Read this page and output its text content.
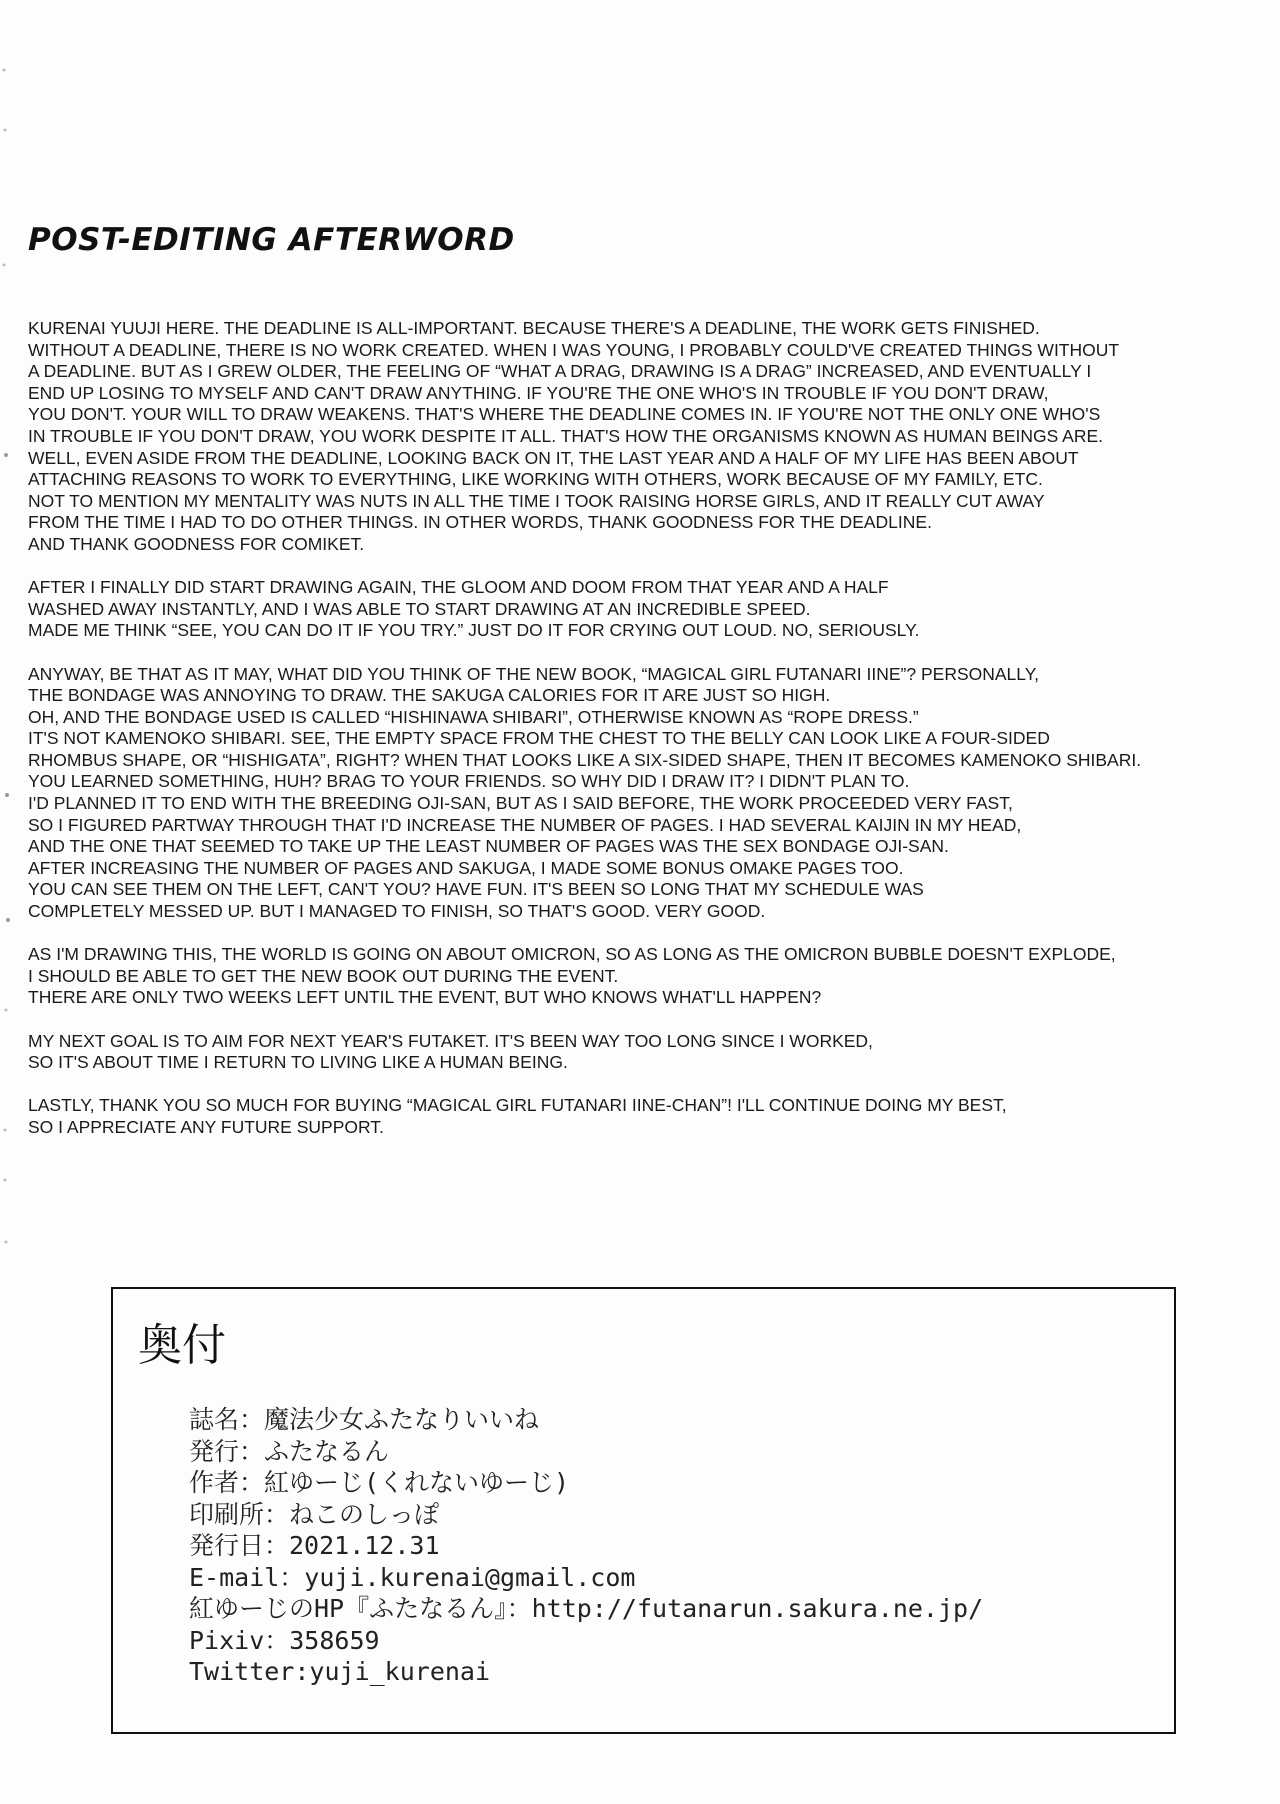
POST-EDITING AFTERWORD
KURENAI YUUJI HERE. THE DEADLINE IS ALL-IMPORTANT. BECAUSE THERE'S A DEADLINE, THE WORK GETS FINISHED.
WITHOUT A DEADLINE, THERE IS NO WORK CREATED. WHEN I WAS YOUNG, I PROBABLY COULD'VE CREATED THINGS WITHOUT
A DEADLINE. BUT AS I GREW OLDER, THE FEELING OF “WHAT A DRAG, DRAWING IS A DRAG” INCREASED, AND EVENTUALLY I
END UP LOSING TO MYSELF AND CAN'T DRAW ANYTHING. IF YOU'RE THE ONE WHO'S IN TROUBLE IF YOU DON'T DRAW,
YOU DON'T. YOUR WILL TO DRAW WEAKENS. THAT'S WHERE THE DEADLINE COMES IN. IF YOU'RE NOT THE ONLY ONE WHO'S
IN TROUBLE IF YOU DON'T DRAW, YOU WORK DESPITE IT ALL. THAT'S HOW THE ORGANISMS KNOWN AS HUMAN BEINGS ARE.
WELL, EVEN ASIDE FROM THE DEADLINE, LOOKING BACK ON IT, THE LAST YEAR AND A HALF OF MY LIFE HAS BEEN ABOUT
ATTACHING REASONS TO WORK TO EVERYTHING, LIKE WORKING WITH OTHERS, WORK BECAUSE OF MY FAMILY, ETC.
NOT TO MENTION MY MENTALITY WAS NUTS IN ALL THE TIME I TOOK RAISING HORSE GIRLS, AND IT REALLY CUT AWAY
FROM THE TIME I HAD TO DO OTHER THINGS. IN OTHER WORDS, THANK GOODNESS FOR THE DEADLINE.
AND THANK GOODNESS FOR COMIKET.
AFTER I FINALLY DID START DRAWING AGAIN, THE GLOOM AND DOOM FROM THAT YEAR AND A HALF
WASHED AWAY INSTANTLY, AND I WAS ABLE TO START DRAWING AT AN INCREDIBLE SPEED.
MADE ME THINK “SEE, YOU CAN DO IT IF YOU TRY.” JUST DO IT FOR CRYING OUT LOUD. NO, SERIOUSLY.
ANYWAY, BE THAT AS IT MAY, WHAT DID YOU THINK OF THE NEW BOOK, “MAGICAL GIRL FUTANARI IINE”? PERSONALLY,
THE BONDAGE WAS ANNOYING TO DRAW. THE SAKUGA CALORIES FOR IT ARE JUST SO HIGH.
OH, AND THE BONDAGE USED IS CALLED “HISHINAWA SHIBARI”, OTHERWISE KNOWN AS “ROPE DRESS.”
IT'S NOT KAMENOKO SHIBARI. SEE, THE EMPTY SPACE FROM THE CHEST TO THE BELLY CAN LOOK LIKE A FOUR-SIDED
RHOMBUS SHAPE, OR “HISHIGATA”, RIGHT? WHEN THAT LOOKS LIKE A SIX-SIDED SHAPE, THEN IT BECOMES KAMENOKO SHIBARI.
YOU LEARNED SOMETHING, HUH? BRAG TO YOUR FRIENDS. SO WHY DID I DRAW IT? I DIDN'T PLAN TO.
I'D PLANNED IT TO END WITH THE BREEDING OJI-SAN, BUT AS I SAID BEFORE, THE WORK PROCEEDED VERY FAST,
SO I FIGURED PARTWAY THROUGH THAT I'D INCREASE THE NUMBER OF PAGES. I HAD SEVERAL KAIJIN IN MY HEAD,
AND THE ONE THAT SEEMED TO TAKE UP THE LEAST NUMBER OF PAGES WAS THE SEX BONDAGE OJI-SAN.
AFTER INCREASING THE NUMBER OF PAGES AND SAKUGA, I MADE SOME BONUS OMAKE PAGES TOO.
YOU CAN SEE THEM ON THE LEFT, CAN'T YOU? HAVE FUN. IT'S BEEN SO LONG THAT MY SCHEDULE WAS
COMPLETELY MESSED UP. BUT I MANAGED TO FINISH, SO THAT'S GOOD. VERY GOOD.
AS I'M DRAWING THIS, THE WORLD IS GOING ON ABOUT OMICRON, SO AS LONG AS THE OMICRON BUBBLE DOESN'T EXPLODE,
I SHOULD BE ABLE TO GET THE NEW BOOK OUT DURING THE EVENT.
THERE ARE ONLY TWO WEEKS LEFT UNTIL THE EVENT, BUT WHO KNOWS WHAT'LL HAPPEN?
MY NEXT GOAL IS TO AIM FOR NEXT YEAR'S FUTAKET. IT'S BEEN WAY TOO LONG SINCE I WORKED,
SO IT'S ABOUT TIME I RETURN TO LIVING LIKE A HUMAN BEING.
LASTLY, THANK YOU SO MUCH FOR BUYING “MAGICAL GIRL FUTANARI IINE-CHAN”! I'LL CONTINUE DOING MY BEST,
SO I APPRECIATE ANY FUTURE SUPPORT.
奥付
誌名：魔法少女ふたなりいいね
発行：ふたなるん
作者：紅ゆーじ(くれないゆーじ)
印刷所：ねこのしっぽ
発行日：2021.12.31
E-mail：yuji.kurenai@gmail.com
紅ゆーじのHP『ふたなるん』：http://futanarun.sakura.ne.jp/
Pixiv：358659
Twitter:yuji_kurenai
